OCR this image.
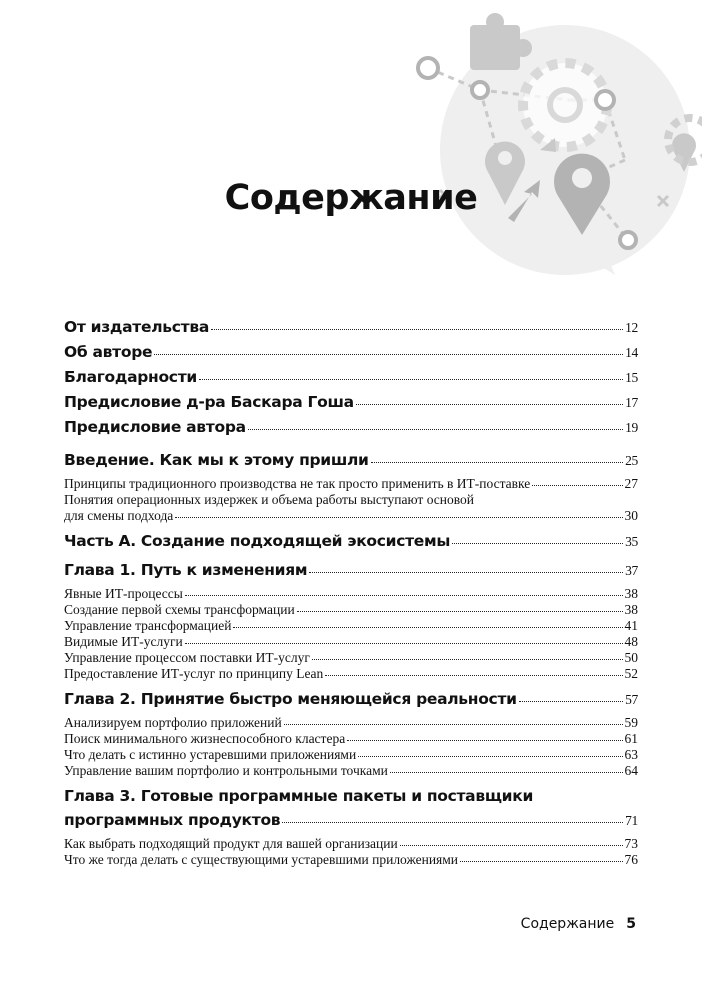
Содержание
От издательства	12
Об авторе	14
Благодарности	15
Предисловие д-ра Баскара Гоша	17
Предисловие автора	19
Введение. Как мы к этому пришли	25
Принципы традиционного производства не так просто применить в ИТ-поставке	27
Понятия операционных издержек и объема работы выступают основой
для смены подхода	30
Часть А. Создание подходящей экосистемы	35
Глава 1. Путь к изменениям	37
Явные ИТ-процессы	38
Создание первой схемы трансформации	38
Управление трансформацией	41
Видимые ИТ-услуги	48
Управление процессом поставки ИТ-услуг	50
Предоставление ИТ-услуг по принципу Lean	52
Глава 2. Принятие быстро меняющейся реальности	57
Анализируем портфолио приложений	59
Поиск минимального жизнеспособного кластера	61
Что делать с истинно устаревшими приложениями	63
Управление вашим портфолио и контрольными точками	64
Глава 3. Готовые программные пакеты и поставщики
программных продуктов	71
Как выбрать подходящий продукт для вашей организации	73
Что же тогда делать с существующими устаревшими приложениями	76
Содержание 5
